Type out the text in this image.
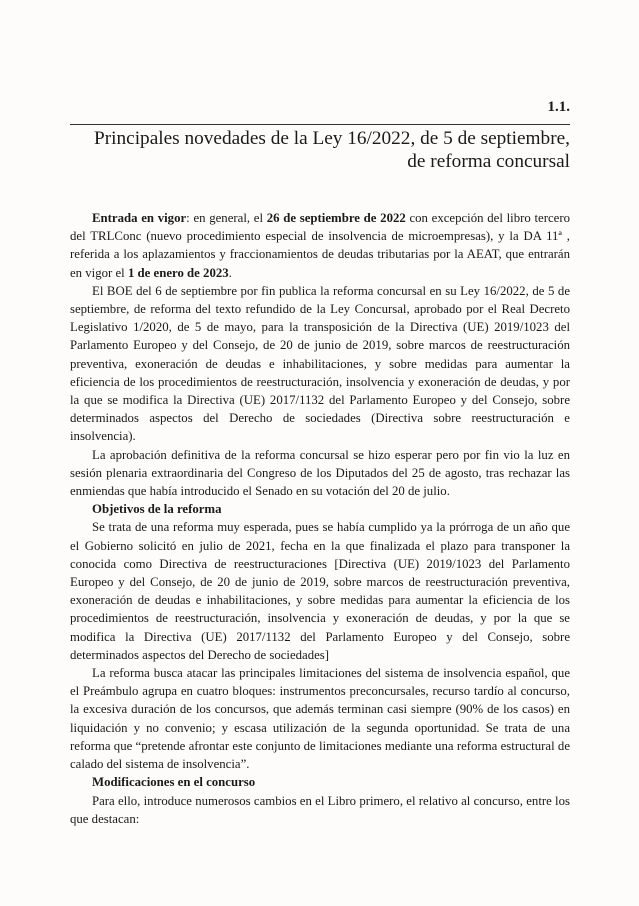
1.1.

Principales novedades de la Ley 16/2022, de 5 de septiembre,
de reforma concursal

Entrada en vigor: en general, el 26 de septiembre de 2022 con excepción del libro tercero del TRLConc (nuevo procedimiento especial de insolvencia de microempresas), y la DA 11ª , referida a los aplazamientos y fraccionamientos de deudas tributarias por la AEAT, que entrarán en vigor el 1 de enero de 2023.

El BOE del 6 de septiembre por fin publica la reforma concursal en su Ley 16/2022, de 5 de septiembre, de reforma del texto refundido de la Ley Concursal, aprobado por el Real Decreto Legislativo 1/2020, de 5 de mayo, para la transposición de la Directiva (UE) 2019/1023 del Parlamento Europeo y del Consejo, de 20 de junio de 2019, sobre marcos de reestructuración preventiva, exoneración de deudas e inhabilitaciones, y sobre medidas para aumentar la eficiencia de los procedimientos de reestructuración, insolvencia y exoneración de deudas, y por la que se modifica la Directiva (UE) 2017/1132 del Parlamento Europeo y del Consejo, sobre determinados aspectos del Derecho de sociedades (Directiva sobre reestructuración e insolvencia).

La aprobación definitiva de la reforma concursal se hizo esperar pero por fin vio la luz en sesión plenaria extraordinaria del Congreso de los Diputados del 25 de agosto, tras rechazar las enmiendas que había introducido el Senado en su votación del 20 de julio.

Objetivos de la reforma

Se trata de una reforma muy esperada, pues se había cumplido ya la prórroga de un año que el Gobierno solicitó en julio de 2021, fecha en la que finalizada el plazo para transponer la conocida como Directiva de reestructuraciones [Directiva (UE) 2019/1023 del Parlamento Europeo y del Consejo, de 20 de junio de 2019, sobre marcos de reestructuración preventiva, exoneración de deudas e inhabilitaciones, y sobre medidas para aumentar la eficiencia de los procedimientos de reestructuración, insolvencia y exoneración de deudas, y por la que se modifica la Directiva (UE) 2017/1132 del Parlamento Europeo y del Consejo, sobre determinados aspectos del Derecho de sociedades]

La reforma busca atacar las principales limitaciones del sistema de insolvencia español, que el Preámbulo agrupa en cuatro bloques: instrumentos preconcursales, recurso tardío al concurso, la excesiva duración de los concursos, que además terminan casi siempre (90% de los casos) en liquidación y no convenio; y escasa utilización de la segunda oportunidad. Se trata de una reforma que “pretende afrontar este conjunto de limitaciones mediante una reforma estructural de calado del sistema de insolvencia”.

Modificaciones en el concurso

Para ello, introduce numerosos cambios en el Libro primero, el relativo al concurso, entre los que destacan:
